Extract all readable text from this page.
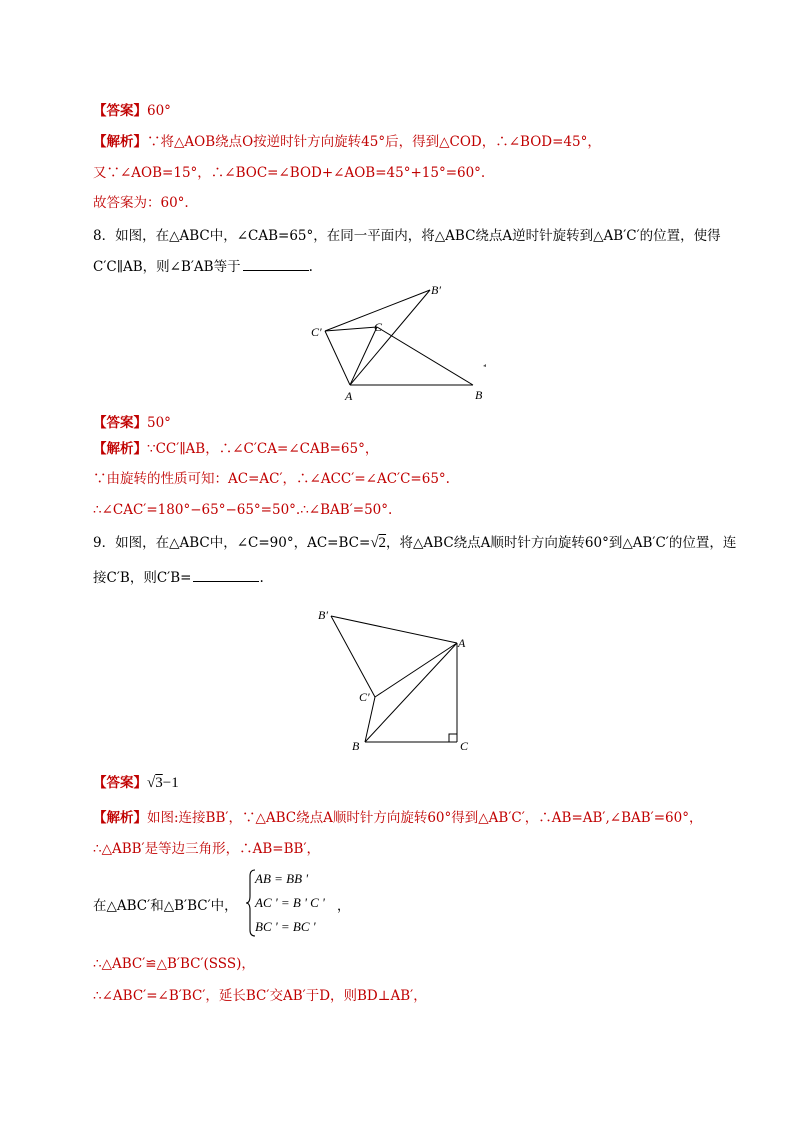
【答案】60°
【解析】∵将△AOB绕点O按逆时针方向旋转45°后，得到△COD，∴∠BOD=45°，
又∵∠AOB=15°，∴∠BOC=∠BOD+∠AOB=45°+15°=60°.
故答案为：60°.
8．如图，在△ABC中，∠CAB=65°，在同一平面内，将△ABC绕点A逆时针旋转到△AB′C′的位置，使得
C′C∥AB，则∠B′AB等于	.
B′
C′	C
A	B
【答案】50°
【解析】∵CC′∥AB，∴∠C′CA=∠CAB=65°，
∵由旋转的性质可知：AC=AC′，∴∠ACC′=∠AC′C=65°.
∴∠CAC′=180°−65°−65°=50°.∴∠BAB′=50°.
9．如图，在△ABC中，∠C=90°，AC=BC=√2，将△ABC绕点A顺时针方向旋转60°到△AB′C′的位置，连
接C′B，则C′B=	.
B′
A
C′
B	C
【答案】√3−1
【解析】如图:连接BB′，∵△ABC绕点A顺时针方向旋转60°得到△AB′C′，∴AB=AB′,∠BAB′=60°，
∴△ABB′是等边三角形，∴AB=BB′，
在△ABC′和△B′BC′中，
AB = BB '
AC ' = B ' C '
BC ' = BC '
，
∴△ABC′≌△B′BC′(SSS)，
∴∠ABC′=∠B′BC′，延长BC′交AB′于D，则BD⊥AB′，
